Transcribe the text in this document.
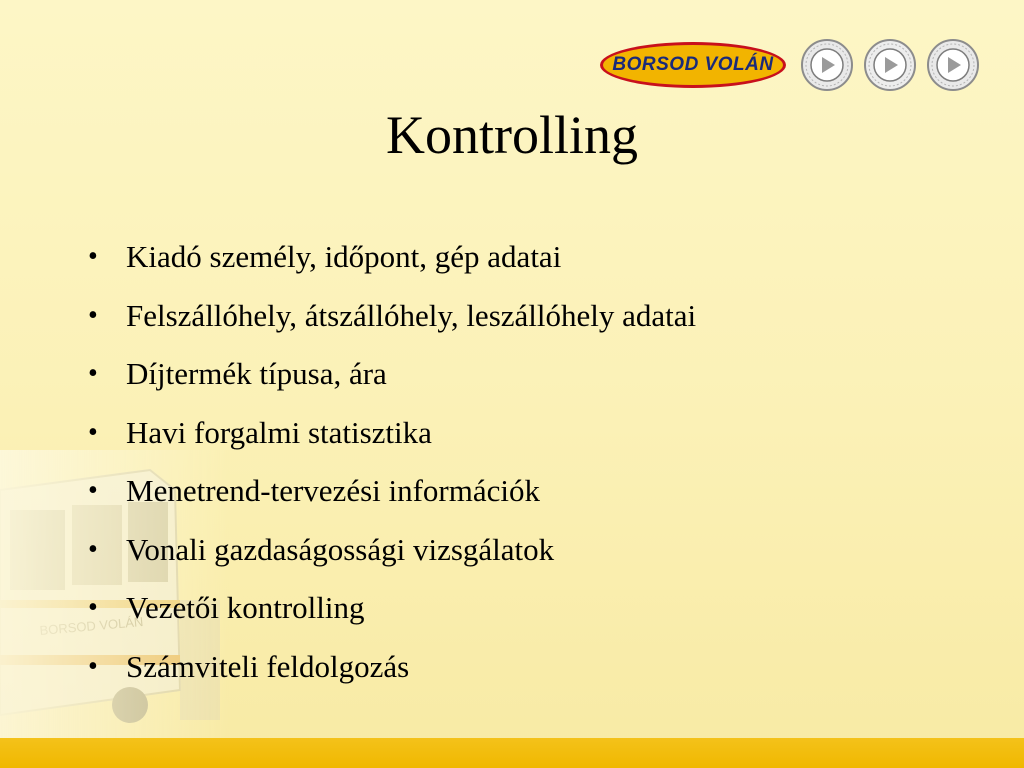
BORSOD VOLÁN
Kontrolling
• Kiadó személy, időpont, gép adatai
• Felszállóhely, átszállóhely, leszállóhely adatai
• Díjtermék típusa, ára
• Havi forgalmi statisztika
• Menetrend-tervezési információk
• Vonali gazdaságossági vizsgálatok
• Vezetői kontrolling
• Számviteli feldolgozás
